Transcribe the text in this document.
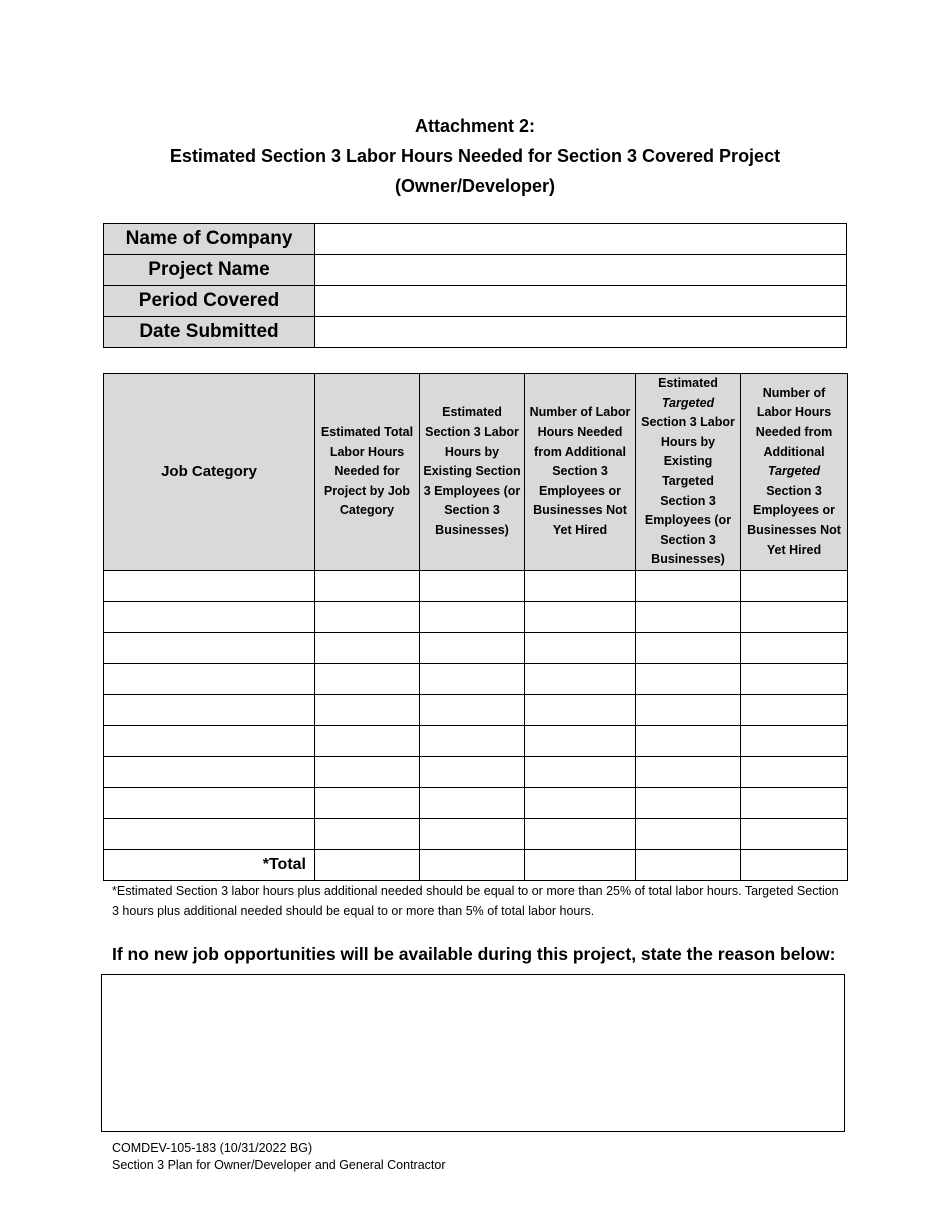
Attachment 2:
Estimated Section 3 Labor Hours Needed for Section 3 Covered Project
(Owner/Developer)
Name of Company	
Project Name	
Period Covered	
Date Submitted	
Job Category	Estimated Total Labor Hours Needed for Project by Job Category	Estimated Section 3 Labor Hours by Existing Section 3 Employees (or Section 3 Businesses)	Number of Labor Hours Needed from Additional Section 3 Employees or Businesses Not Yet Hired	Estimated Targeted Section 3 Labor Hours by Existing Targeted Section 3 Employees (or Section 3 Businesses)	Number of Labor Hours Needed from Additional Targeted Section 3 Employees or Businesses Not Yet Hired

*Total					
*Estimated Section 3 labor hours plus additional needed should be equal to or more than 25% of total labor hours. Targeted Section 3 hours plus additional needed should be equal to or more than 5% of total labor hours.
If no new job opportunities will be available during this project, state the reason below:
COMDEV-105-183 (10/31/2022 BG)
Section 3 Plan for Owner/Developer and General Contractor
